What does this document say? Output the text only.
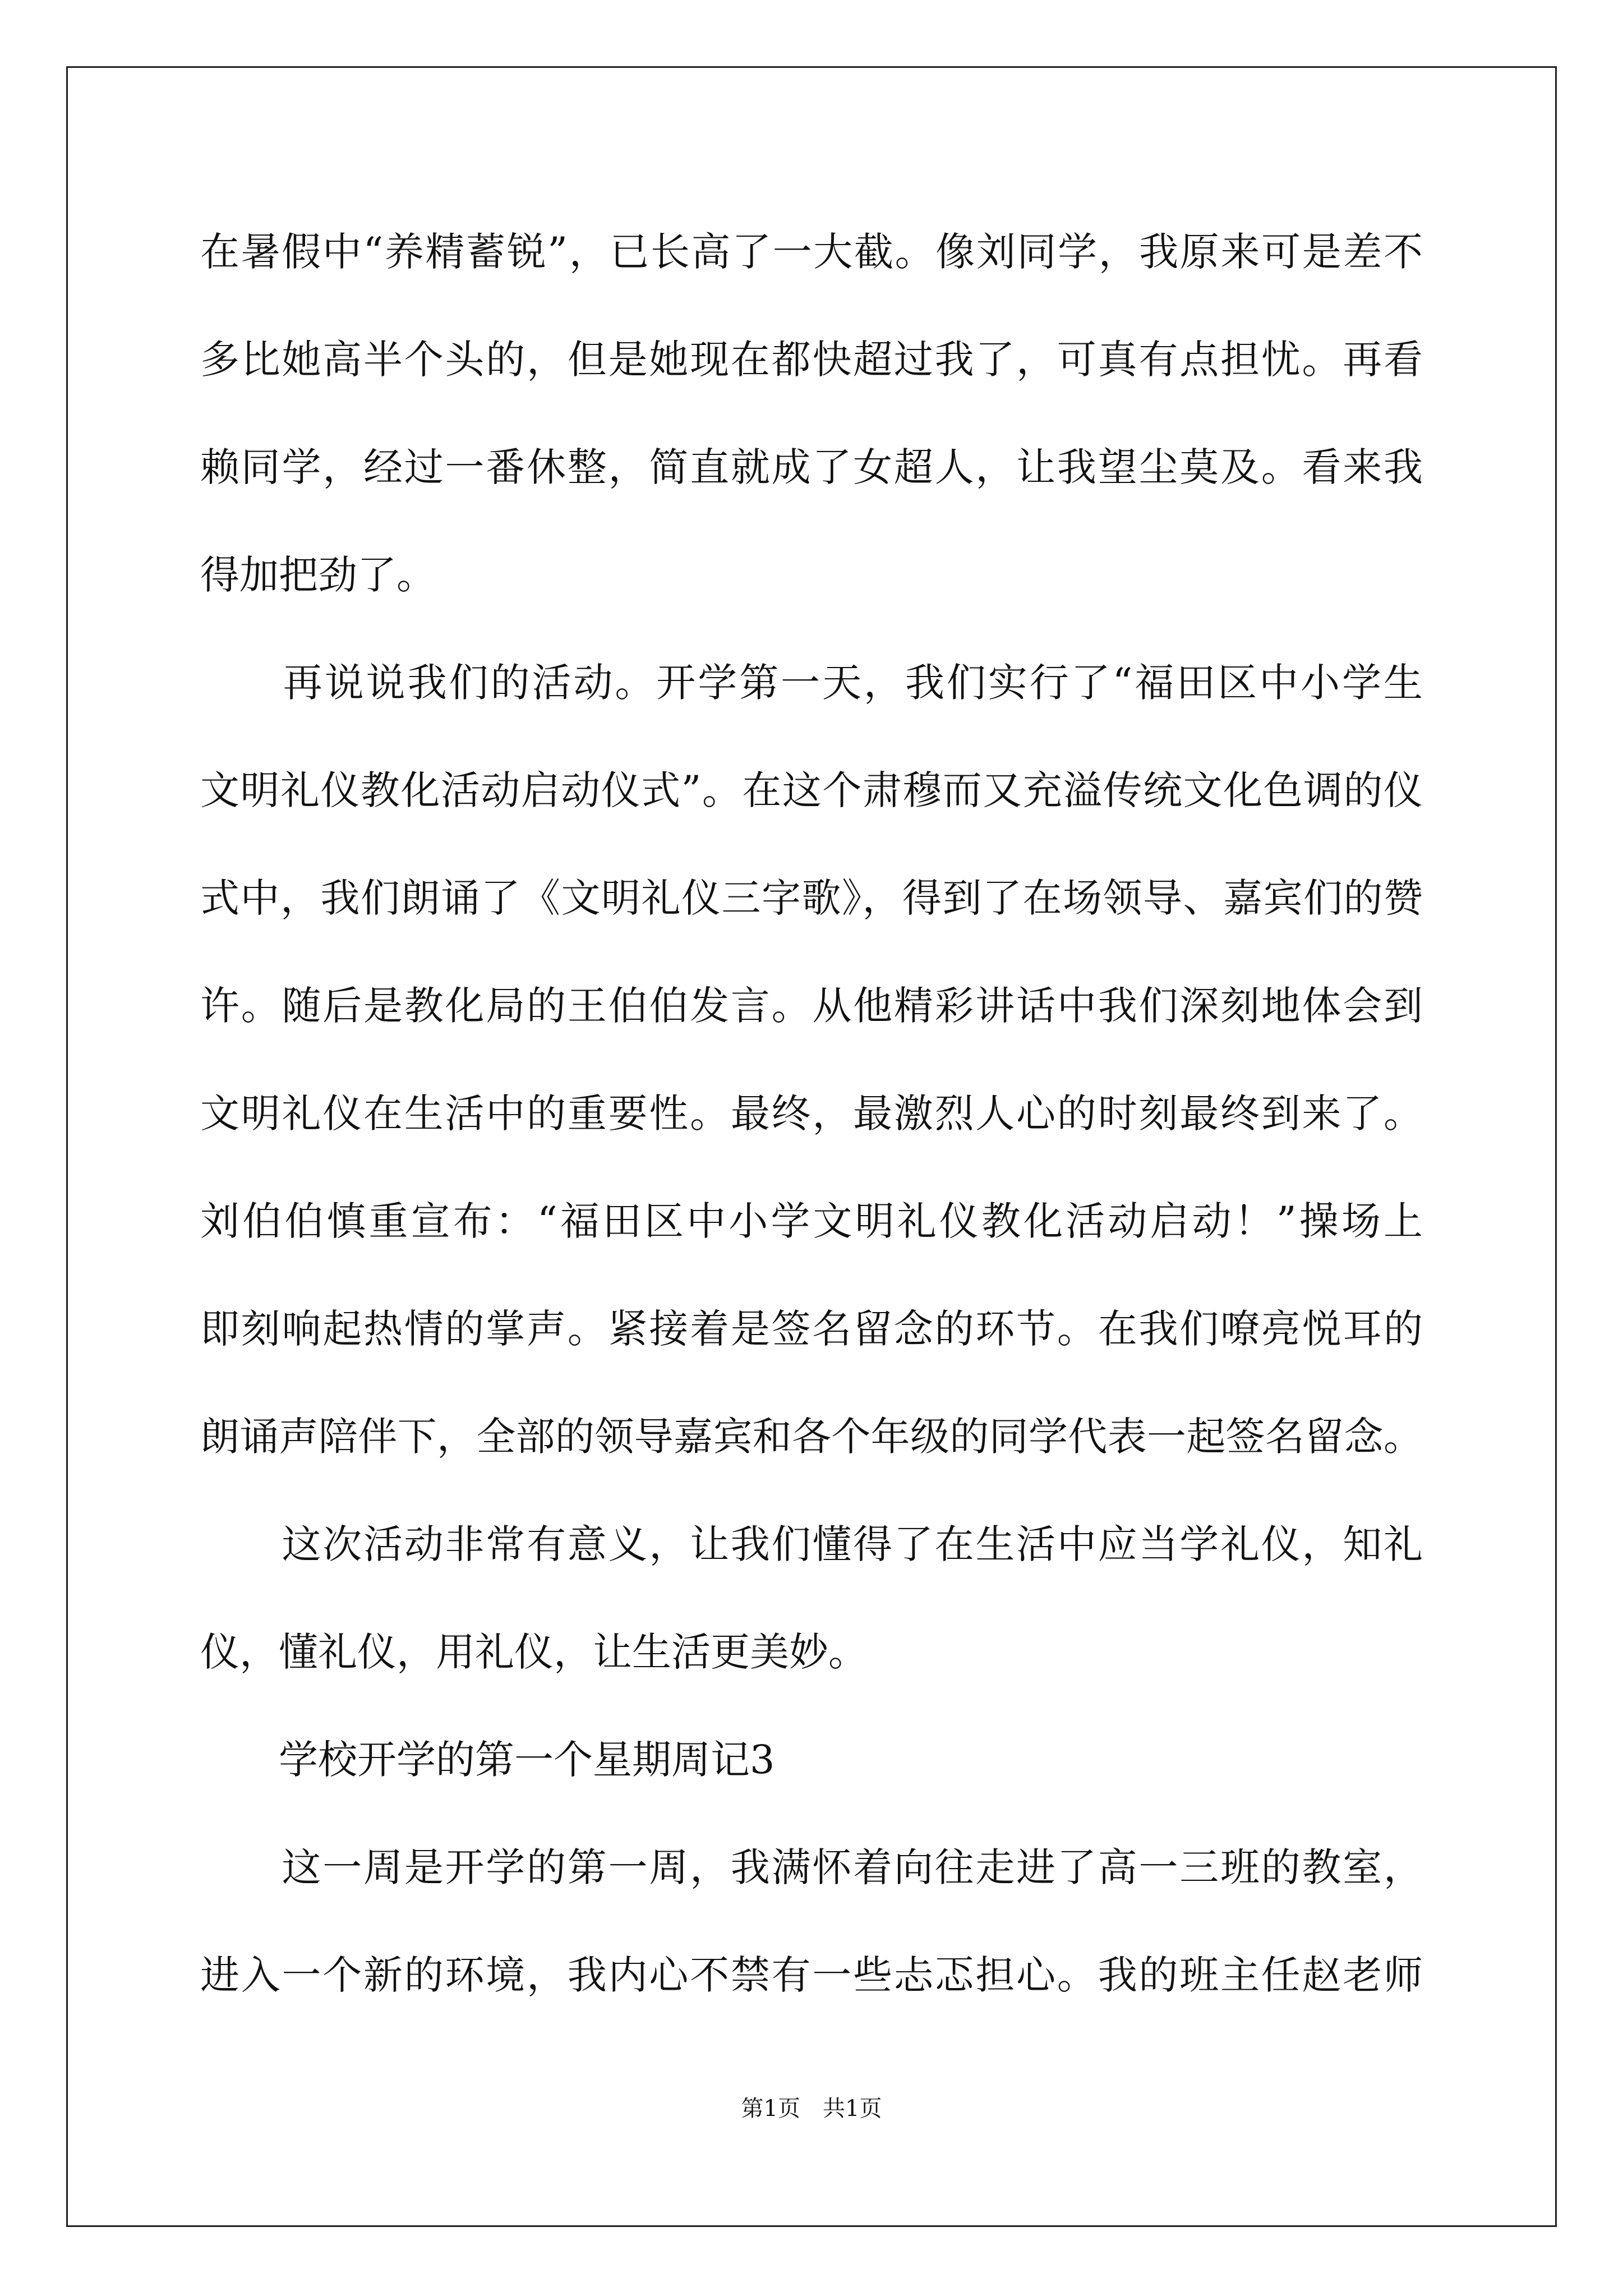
在暑假中“养精蓄锐”，已长高了一大截。像刘同学，我原来可是差不
多比她高半个头的，但是她现在都快超过我了，可真有点担忧。再看
赖同学，经过一番休整，简直就成了女超人，让我望尘莫及。看来我
得加把劲了。
　　再说说我们的活动。开学第一天，我们实行了“福田区中小学生
文明礼仪教化活动启动仪式”。在这个肃穆而又充溢传统文化色调的仪
式中，我们朗诵了《文明礼仪三字歌》，得到了在场领导、嘉宾们的赞
许。随后是教化局的王伯伯发言。从他精彩讲话中我们深刻地体会到
文明礼仪在生活中的重要性。最终，最激烈人心的时刻最终到来了。
刘伯伯慎重宣布：“福田区中小学文明礼仪教化活动启动！”操场上
即刻响起热情的掌声。紧接着是签名留念的环节。在我们嘹亮悦耳的
朗诵声陪伴下，全部的领导嘉宾和各个年级的同学代表一起签名留念。
　　这次活动非常有意义，让我们懂得了在生活中应当学礼仪，知礼
仪，懂礼仪，用礼仪，让生活更美妙。
　　学校开学的第一个星期周记3
　　这一周是开学的第一周，我满怀着向往走进了高一三班的教室，
进入一个新的环境，我内心不禁有一些忐忑担心。我的班主任赵老师
第1页　共1页
